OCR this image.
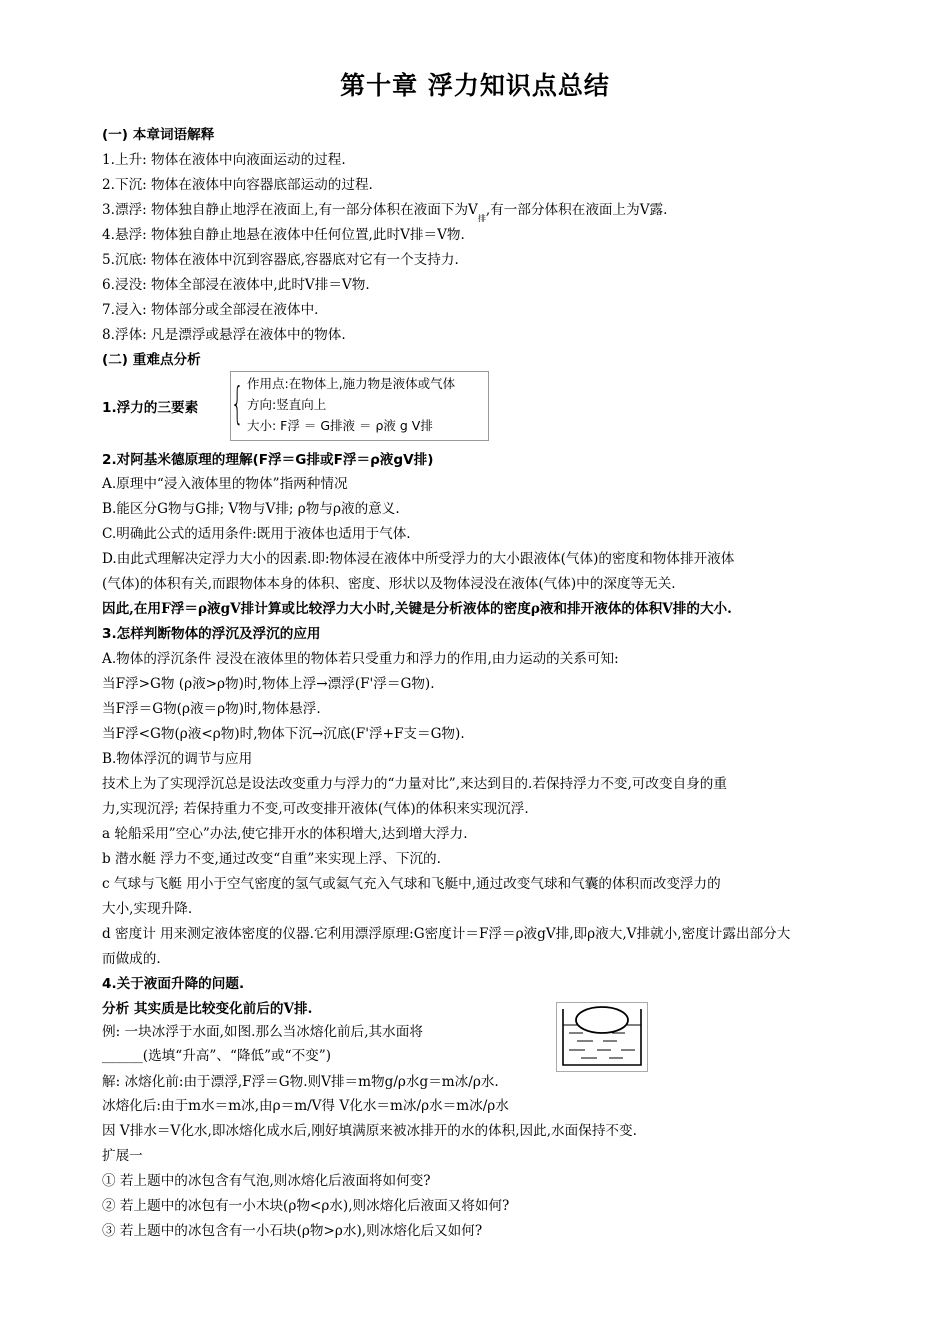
第十章 浮力知识点总结
(一) 本章词语解释
1.上升: 物体在液体中向液面运动的过程.
2.下沉: 物体在液体中向容器底部运动的过程.
3.漂浮: 物体独自静止地浮在液面上,有一部分体积在液面下为$V_排$,有一部分体积在液面上为V露.
4.悬浮: 物体独自静止地悬在液体中任何位置,此时V排＝V物.
5.沉底: 物体在液体中沉到容器底,容器底对它有一个支持力.
6.浸没: 物体全部浸在液体中,此时V排＝V物.
7.浸入: 物体部分或全部浸在液体中.
8.浮体: 凡是漂浮或悬浮在液体中的物体.
(二) 重难点分析
1.浮力的三要素 { 作用点:在物体上,施力物是液体或气体
方向:竖直向上
大小: F浮 ＝ G排液 ＝ ρ液 g V排
2.对阿基米德原理的理解(F浮＝G排或F浮＝ρ液gV排)
A.原理中“浸入液体里的物体”指两种情况
B.能区分G物与G排; V物与V排; ρ物与ρ液的意义.
C.明确此公式的适用条件:既用于液体也适用于气体.
D.由此式理解决定浮力大小的因素.即:物体浸在液体中所受浮力的大小跟液体(气体)的密度和物体排开液体
(气体)的体积有关,而跟物体本身的体积、密度、形状以及物体浸没在液体(气体)中的深度等无关.
因此,在用F浮＝ρ液gV排计算或比较浮力大小时,关键是分析液体的密度ρ液和排开液体的体积V排的大小.
3.怎样判断物体的浮沉及浮沉的应用
A.物体的浮沉条件 浸没在液体里的物体若只受重力和浮力的作用,由力运动的关系可知:
当F浮>G物 (ρ液>ρ物)时,物体上浮→漂浮(F'浮＝G物).
当F浮＝G物(ρ液＝ρ物)时,物体悬浮.
当F浮<G物(ρ液<ρ物)时,物体下沉→沉底(F'浮+F支＝G物).
B.物体浮沉的调节与应用
技术上为了实现浮沉总是设法改变重力与浮力的“力量对比”,来达到目的.若保持浮力不变,可改变自身的重
力,实现沉浮; 若保持重力不变,可改变排开液体(气体)的体积来实现沉浮.
a 轮船采用”空心”办法,使它排开水的体积增大,达到增大浮力.
b 潜水艇 浮力不变,通过改变“自重”来实现上浮、下沉的.
c 气球与飞艇 用小于空气密度的氢气或氦气充入气球和飞艇中,通过改变气球和气囊的体积而改变浮力的
大小,实现升降.
d 密度计 用来测定液体密度的仪器.它利用漂浮原理:G密度计＝F浮＝ρ液gV排,即ρ液大,V排就小,密度计露出部分大
而做成的.
4.关于液面升降的问题.
分析 其实质是比较变化前后的V排.
例: 一块冰浮于水面,如图.那么当冰熔化前后,其水面将
______(选填“升高”、“降低”或“不变”)
解: 冰熔化前:由于漂浮,F浮＝G物.则V排＝m物g/ρ水g＝m冰/ρ水.
冰熔化后:由于m水＝m冰,由ρ＝m/V得 V化水＝m冰/ρ水＝m冰/ρ水
因 V排水＝V化水,即冰熔化成水后,刚好填满原来被冰排开的水的体积,因此,水面保持不变.
扩展一
① 若上题中的冰包含有气泡,则冰熔化后液面将如何变?
② 若上题中的冰包有一小木块(ρ物<ρ水),则冰熔化后液面又将如何?
③ 若上题中的冰包含有一小石块(ρ物>ρ水),则冰熔化后又如何?
